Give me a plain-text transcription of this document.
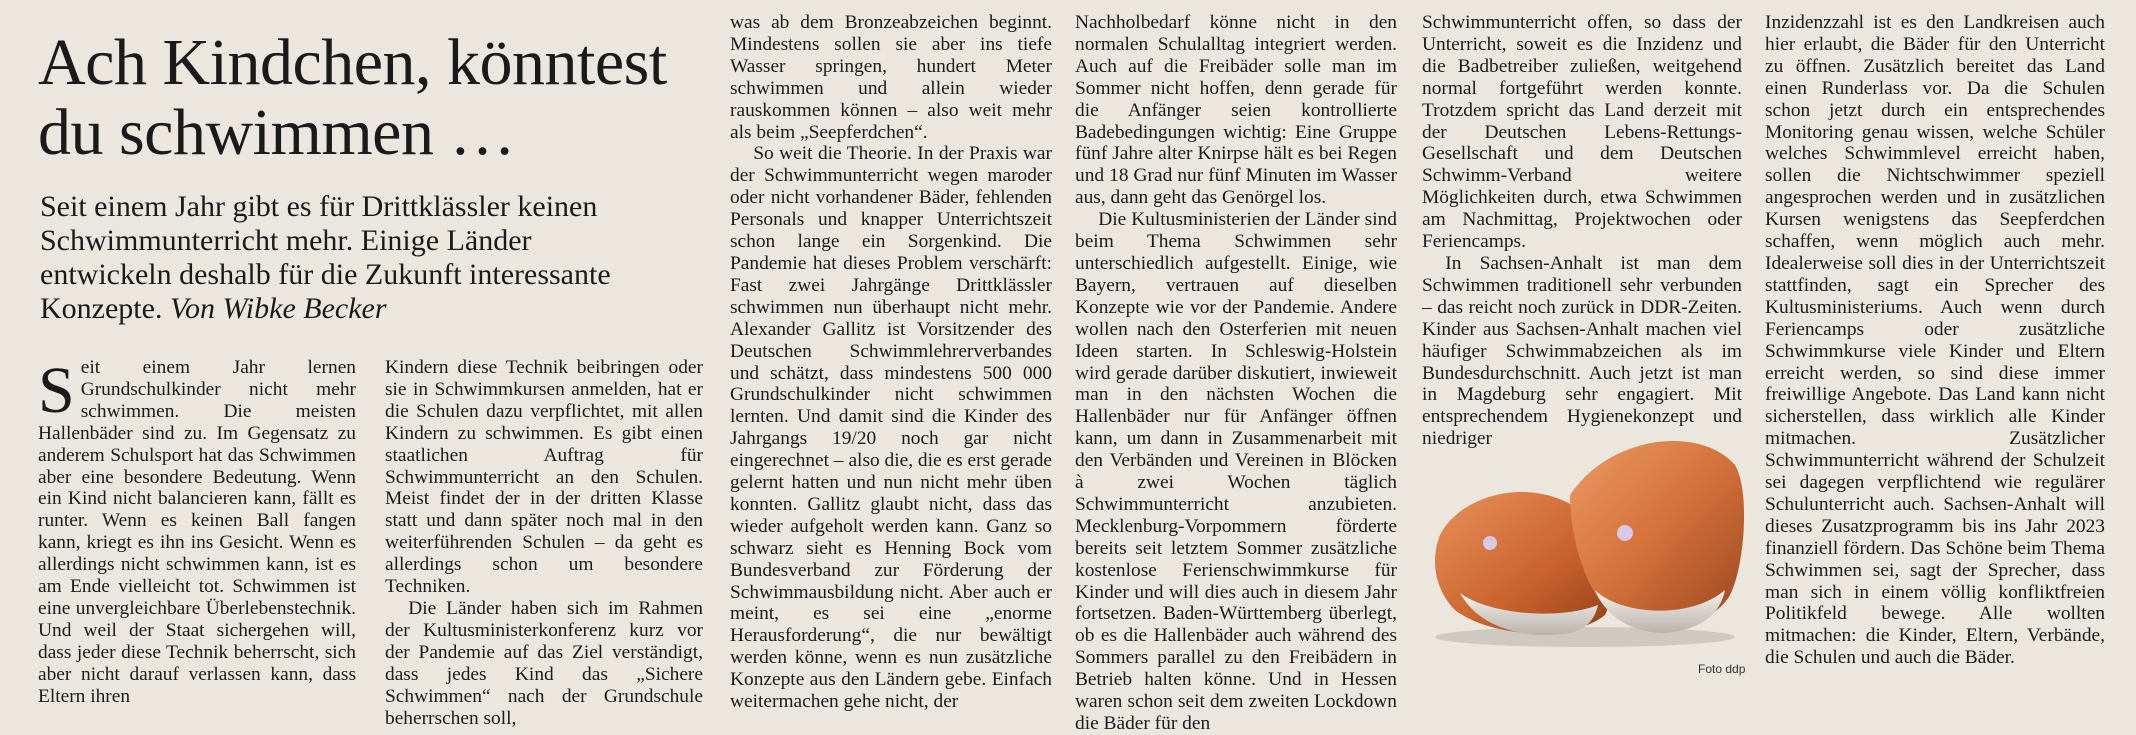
Ach Kindchen, könntest du schwimmen …

Seit einem Jahr gibt es für Drittklässler keinen Schwimmunterricht mehr. Einige Länder entwickeln deshalb für die Zukunft interessante Konzepte. Von Wibke Becker

S eit einem Jahr lernen Grundschulkinder nicht mehr schwimmen. Die meisten Hallenbäder sind zu. Im Gegensatz zu anderem Schulsport hat das Schwimmen aber eine besondere Bedeutung. Wenn ein Kind nicht balancieren kann, fällt es runter. Wenn es keinen Ball fangen kann, kriegt es ihn ins Gesicht. Wenn es allerdings nicht schwimmen kann, ist es am Ende vielleicht tot. Schwimmen ist eine unvergleichbare Überlebenstechnik. Und weil der Staat sichergehen will, dass jeder diese Technik beherrscht, sich aber nicht darauf verlassen kann, dass Eltern ihren

Kindern diese Technik beibringen oder sie in Schwimmkursen anmelden, hat er die Schulen dazu verpflichtet, mit allen Kindern zu schwimmen. Es gibt einen staatlichen Auftrag für Schwimmunterricht an den Schulen. Meist findet der in der dritten Klasse statt und dann später noch mal in den weiterführenden Schulen – da geht es allerdings schon um besondere Techniken.

Die Länder haben sich im Rahmen der Kultusministerkonferenz kurz vor der Pandemie auf das Ziel verständigt, dass jedes Kind das „Sichere Schwimmen“ nach der Grundschule beherrschen soll,

was ab dem Bronzeabzeichen beginnt. Mindestens sollen sie aber ins tiefe Wasser springen, hundert Meter schwimmen und allein wieder rauskommen können – also weit mehr als beim „Seepferdchen“.

So weit die Theorie. In der Praxis war der Schwimmunterricht wegen maroder oder nicht vorhandener Bäder, fehlenden Personals und knapper Unterrichtszeit schon lange ein Sorgenkind. Die Pandemie hat dieses Problem verschärft: Fast zwei Jahrgänge Drittklässler schwimmen nun überhaupt nicht mehr. Alexander Gallitz ist Vorsitzender des Deutschen Schwimmlehrerverbandes und schätzt, dass mindestens 500 000 Grundschulkinder nicht schwimmen lernten. Und damit sind die Kinder des Jahrgangs 19/20 noch gar nicht eingerechnet – also die, die es erst gerade gelernt hatten und nun nicht mehr üben konnten. Gallitz glaubt nicht, dass das wieder aufgeholt werden kann. Ganz so schwarz sieht es Henning Bock vom Bundesverband zur Förderung der Schwimmausbildung nicht. Aber auch er meint, es sei eine „enorme Herausforderung“, die nur bewältigt werden könne, wenn es nun zusätzliche Konzepte aus den Ländern gebe. Einfach weitermachen gehe nicht, der

Nachholbedarf könne nicht in den normalen Schulalltag integriert werden. Auch auf die Freibäder solle man im Sommer nicht hoffen, denn gerade für die Anfänger seien kontrollierte Badebedingungen wichtig: Eine Gruppe fünf Jahre alter Knirpse hält es bei Regen und 18 Grad nur fünf Minuten im Wasser aus, dann geht das Genörgel los.

Die Kultusministerien der Länder sind beim Thema Schwimmen sehr unterschiedlich aufgestellt. Einige, wie Bayern, vertrauen auf dieselben Konzepte wie vor der Pandemie. Andere wollen nach den Osterferien mit neuen Ideen starten. In Schleswig-Holstein wird gerade darüber diskutiert, inwieweit man in den nächsten Wochen die Hallenbäder nur für Anfänger öffnen kann, um dann in Zusammenarbeit mit den Verbänden und Vereinen in Blöcken à zwei Wochen täglich Schwimmunterricht anzubieten. Mecklenburg-Vorpommern förderte bereits seit letztem Sommer zusätzliche kostenlose Ferienschwimmkurse für Kinder und will dies auch in diesem Jahr fortsetzen. Baden-Württemberg überlegt, ob es die Hallenbäder auch während des Sommers parallel zu den Freibädern in Betrieb halten könne. Und in Hessen waren schon seit dem zweiten Lockdown die Bäder für den

Schwimmunterricht offen, so dass der Unterricht, soweit es die Inzidenz und die Badbetreiber zuließen, weitgehend normal fortgeführt werden konnte. Trotzdem spricht das Land derzeit mit der Deutschen Lebens-Rettungs-Gesellschaft und dem Deutschen Schwimm-Verband weitere Möglichkeiten durch, etwa Schwimmen am Nachmittag, Projektwochen oder Feriencamps.

In Sachsen-Anhalt ist man dem Schwimmen traditionell sehr verbunden – das reicht noch zurück in DDR-Zeiten. Kinder aus Sachsen-Anhalt machen viel häufiger Schwimmabzeichen als im Bundesdurchschnitt. Auch jetzt ist man in Magdeburg sehr engagiert. Mit entsprechendem Hygienekonzept und niedriger

Foto ddp

Inzidenzzahl ist es den Landkreisen auch hier erlaubt, die Bäder für den Unterricht zu öffnen. Zusätzlich bereitet das Land einen Runderlass vor. Da die Schulen schon jetzt durch ein entsprechendes Monitoring genau wissen, welche Schüler welches Schwimmlevel erreicht haben, sollen die Nichtschwimmer speziell angesprochen werden und in zusätzlichen Kursen wenigstens das Seepferdchen schaffen, wenn möglich auch mehr. Idealerweise soll dies in der Unterrichtszeit stattfinden, sagt ein Sprecher des Kultusministeriums. Auch wenn durch Feriencamps oder zusätzliche Schwimmkurse viele Kinder und Eltern erreicht werden, so sind diese immer freiwillige Angebote. Das Land kann nicht sicherstellen, dass wirklich alle Kinder mitmachen. Zusätzlicher Schwimmunterricht während der Schulzeit sei dagegen verpflichtend wie regulärer Schulunterricht auch. Sachsen-Anhalt will dieses Zusatzprogramm bis ins Jahr 2023 finanziell fördern. Das Schöne beim Thema Schwimmen sei, sagt der Sprecher, dass man sich in einem völlig konfliktfreien Politikfeld bewege. Alle wollten mitmachen: die Kinder, Eltern, Verbände, die Schulen und auch die Bäder.
